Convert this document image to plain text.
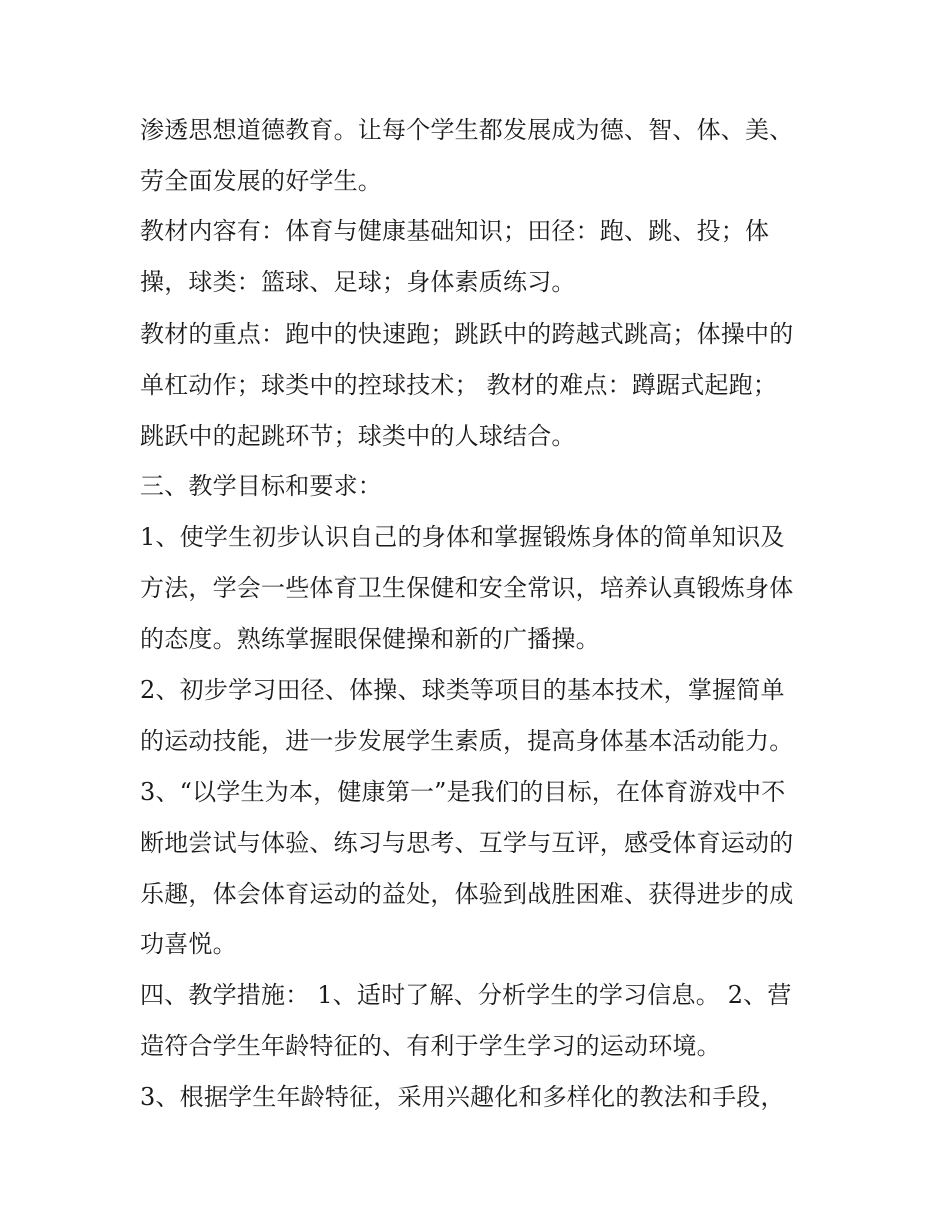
渗透思想道德教育。让每个学生都发展成为德、智、体、美、
劳全面发展的好学生。
教材内容有：体育与健康基础知识；田径：跑、跳、投；体
操，球类：篮球、足球；身体素质练习。
教材的重点：跑中的快速跑；跳跃中的跨越式跳高；体操中的
单杠动作；球类中的控球技术； 教材的难点：蹲踞式起跑；
跳跃中的起跳环节；球类中的人球结合。
三、教学目标和要求：
1、使学生初步认识自己的身体和掌握锻炼身体的简单知识及
方法，学会一些体育卫生保健和安全常识，培养认真锻炼身体
的态度。熟练掌握眼保健操和新的广播操。
2、初步学习田径、体操、球类等项目的基本技术，掌握简单
的运动技能，进一步发展学生素质，提高身体基本活动能力。
3、“以学生为本，健康第一”是我们的目标，在体育游戏中不
断地尝试与体验、练习与思考、互学与互评，感受体育运动的
乐趣，体会体育运动的益处，体验到战胜困难、获得进步的成
功喜悦。
四、教学措施： 1、适时了解、分析学生的学习信息。 2、营
造符合学生年龄特征的、有利于学生学习的运动环境。
3、根据学生年龄特征，采用兴趣化和多样化的教法和手段，
